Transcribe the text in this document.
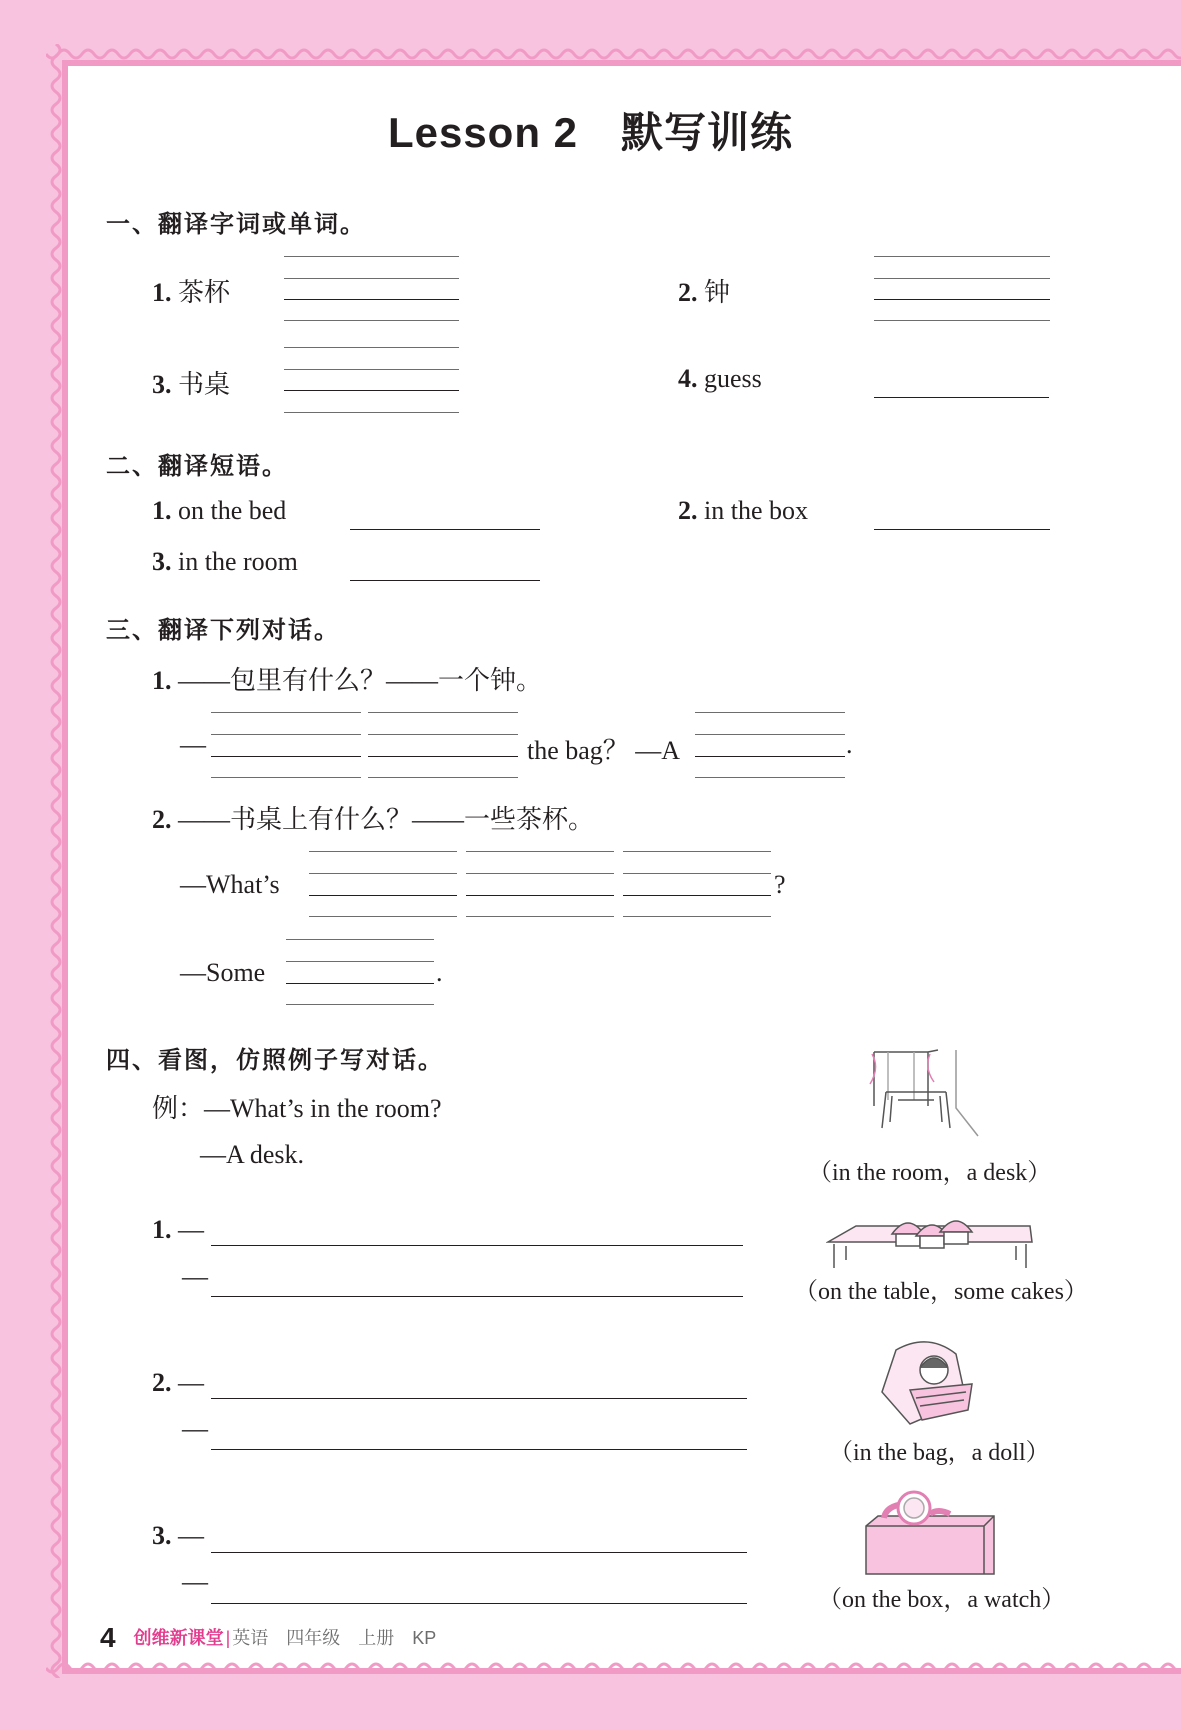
Lesson 2　默写训练
一、翻译字词或单词。
1. 茶杯	2. 钟
3. 书桌	4. guess
二、翻译短语。
1. on the bed	2. in the box
3. in the room
三、翻译下列对话。
1. ——包里有什么？——一个钟。
—	the bag？ —A	.
2. ——书桌上有什么？——一些茶杯。
—What’s	?
—Some	.
四、看图，仿照例子写对话。
例：—What’s in the room?
—A desk.
1. —
—
2. —
—
3. —
—
（in the room，a desk）
（on the table，some cakes）
（in the bag，a doll）
（on the box，a watch）
4 创维新课堂 | 英语　四年级　上册　KP
